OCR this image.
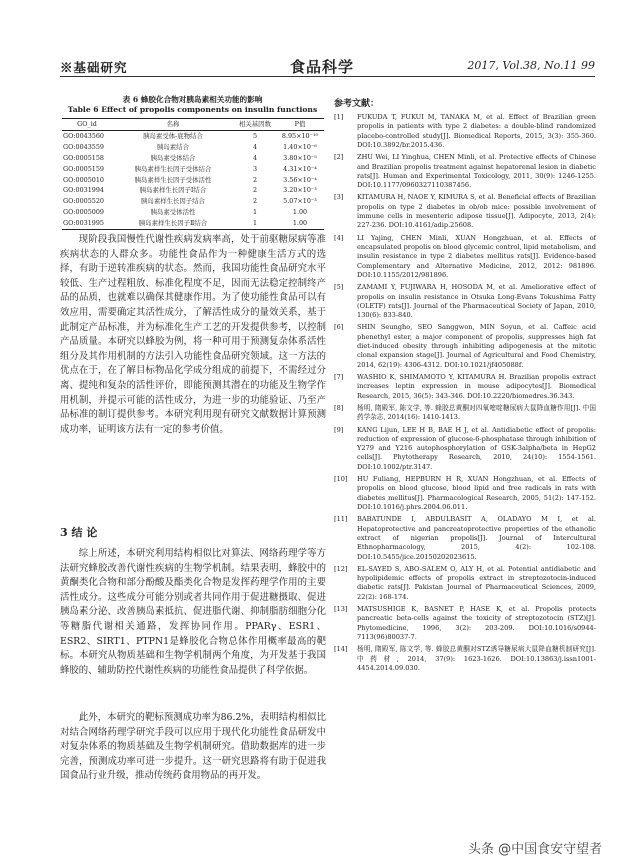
※基础研究	食品科学	2017, Vol.38, No.11 99
表 6 蜂胶化合物对胰岛素相关功能的影响
Table 6 Effect of propolis components on insulin functions
GO_id	名称	相关基因数	P值
GO:0043560	胰岛素受体-底物结合	5	8.95×10⁻¹⁰
GO:0043559	胰岛素结合	4	1.40×10⁻⁶
GO:0005158	胰岛素受体结合	4	3.80×10⁻⁵
GO:0005159	胰岛素样生长因子受体结合	3	4.31×10⁻⁴
GO:0005010	胰岛素样生长因子受体活性	2	3.56×10⁻⁴
GO:0031994	胰岛素样生长因子Ⅰ结合	2	3.20×10⁻³
GO:0005520	胰岛素样生长因子结合	2	5.07×10⁻³
GO:0005009	胰岛素受体活性	1	1.00
GO:0031995	胰岛素样生长因子Ⅱ结合	1	1.00
现阶段我国慢性代谢性疾病发病率高，处于前驱糖尿病等准疾病状态的人群众多。功能性食品作为一种健康生活方式的选择，有助于逆转准疾病的状态。然而，我国功能性食品研究水平较低、生产过程粗放、标准化程度不足，因而无法稳定控制终产品的品质，也就难以确保其健康作用。为了使功能性食品可以有效应用，需要确定其活性成分，了解活性成分的量效关系，基于此制定产品标准，并为标准化生产工艺的开发提供参考，以控制产品质量。本研究以蜂胶为例，将一种可用于预测复杂体系活性组分及其作用机制的方法引入功能性食品研究领域。这一方法的优点在于，在了解目标物品化学成分组成的前提下，不需经过分离、提纯和复杂的活性评价，即能预测其潜在的功能及生物学作用机制，并提示可能的活性成分，为进一步的功能验证、乃至产品标准的制订提供参考。本研究利用现有研究文献数据计算预测成功率，证明该方法有一定的参考价值。
3 结 论
综上所述，本研究利用结构相似比对算法、网络药理学等方法研究蜂胶改善代谢性疾病的生物学机制。结果表明，蜂胶中的黄酮类化合物和部分酚酸及酯类化合物是发挥药理学作用的主要活性成分。这些成分可能分别或者共同作用于促进糖摄取、促进胰岛素分泌、改善胰岛素抵抗、促进脂代谢、抑制脂肪细胞分化等糖脂代谢相关通路，发挥协同作用。PPARγ、ESR1、ESR2、SIRT1、PTPN1是蜂胶化合物总体作用概率最高的靶标。本研究从物质基础和生物学机制两个角度，为开发基于我国蜂胶的、辅助防控代谢性疾病的功能性食品提供了科学依据。
此外，本研究的靶标预测成功率为86.2%，表明结构相似比对结合网络药理学研究手段可以应用于现代化功能性食品研发中对复杂体系的物质基础及生物学机制研究。借助数据库的进一步完善，预测成功率可进一步提升。这一研究思路将有助于促进我国食品行业升级，推动传统药食用物品的再开发。
参考文献：
[1]	FUKUDA T, FUKUI M, TANAKA M, et al. Effect of Brazilian green propolis in patients with type 2 diabetes: a double-blind randomized placebo-controlled study[J]. Biomedical Reports, 2015, 3(3): 355-360. DOI:10.3892/br.2015.436.
[2]	ZHU Wei, LI Yinghua, CHEN Minli, et al. Protective effects of Chinese and Brazilian propolis treatment against hepatorenal lesion in diabetic rats[J]. Human and Experimental Toxicology, 2011, 30(9): 1246-1255. DOI:10.1177/0960327110387456.
[3]	KITAMURA H, NAOE Y, KIMURA S, et al. Beneficial effects of Brazilian propolis on type 2 diabetes in ob/ob mice: possible involvement of immune cells in mesenteric adipose tissue[J]. Adipocyte, 2013, 2(4): 227-236. DOI:10.4161/adip.25608.
[4]	LI Yajing, CHEN Minli, XUAN Hongzhuan, et al. Effects of encapsulated propolis on blood glycemic control, lipid metabolism, and insulin resistance in type 2 diabetes mellitus rats[J]. Evidence-based Complementary and Alternative Medicine, 2012, 2012: 981896. DOI:10.1155/2012/981896.
[5]	ZAMAMI Y, FUJIWARA H, HOSODA M, et al. Ameliorative effect of propolis on insulin resistance in Otsuka Long-Evans Tokushima Fatty (OLETF) rats[J]. Journal of the Pharmaceutical Society of Japan, 2010, 130(6): 833-840.
[6]	SHIN Seungho, SEO Sanggwon, MIN Soyun, et al. Caffeic acid phenethyl ester, a major component of propolis, suppresses high fat diet-induced obesity through inhibiting adipogenesis at the mitotic clonal expansion stage[J]. Journal of Agricultural and Food Chemistry, 2014, 62(19): 4306-4312. DOI:10.1021/jf405088f.
[7]	WASHIO K, SHIMAMOTO Y, KITAMURA H. Brazilian propolis extract increases leptin expression in mouse adipocytes[J]. Biomedical Research, 2015, 36(5): 343-346. DOI:10.2220/biomedres.36.343.
[8]	杨明, 隋殿军, 陈文学, 等. 蜂胶总黄酮对四氧嘧啶糖尿病大鼠降血糖作用[J]. 中国药学杂志, 2014(16): 1410-1413.
[9]	KANG Lijun, LEE H B, BAE H J, et al. Antidiabetic effect of propolis: reduction of expression of glucose-6-phosphatase through inhibition of Y279 and Y216 autophosphorylation of GSK-3alpha/beta in HepG2 cells[J]. Phytotherapy Research, 2010, 24(10): 1554-1561. DOI:10.1002/ptr.3147.
[10]	HU Fuliang, HEPBURN H R, XUAN Hongzhuan, et al. Effects of propolis on blood glucose, blood lipid and free radicals in rats with diabetes mellitus[J]. Pharmacological Research, 2005, 51(2): 147-152. DOI:10.1016/j.phrs.2004.06.011.
[11]	BABATUNDE I, ABDULBASIT A, OLADAYO M I, et al. Hepatoprotective and pancreatoprotective properties of the ethanolic extract of nigerian propolis[J]. Journal of Intercultural Ethnopharmacology, 2015, 4(2): 102-108. DOI:10.5455/jice.20150202023615.
[12]	EL-SAYED S, ABO-SALEM O, ALY H, et al. Potential antidiabetic and hypolipidemic effects of propolis extract in streptozotocin-induced diabetic rats[J]. Pakistan Journal of Pharmaceutical Sciences, 2009, 22(2): 168-174.
[13]	MATSUSHIGE K, BASNET P, HASE K, et al. Propolis protects pancreatic beta-cells against the toxicity of streptozotocin (STZ)[J]. Phytomedicine, 1996, 3(2): 203-209. DOI:10.1016/s0944-7113(96)80037-7.
[14]	杨明, 隋殿军, 陈文学, 等. 蜂胶总黄酮对STZ诱导糖尿病大鼠降血糖机制研究[J]. 中药材, 2014, 37(9): 1623-1626. DOI:10.13863/j.issn1001-4454.2014.09.030.
头条 @中国食安守望者
